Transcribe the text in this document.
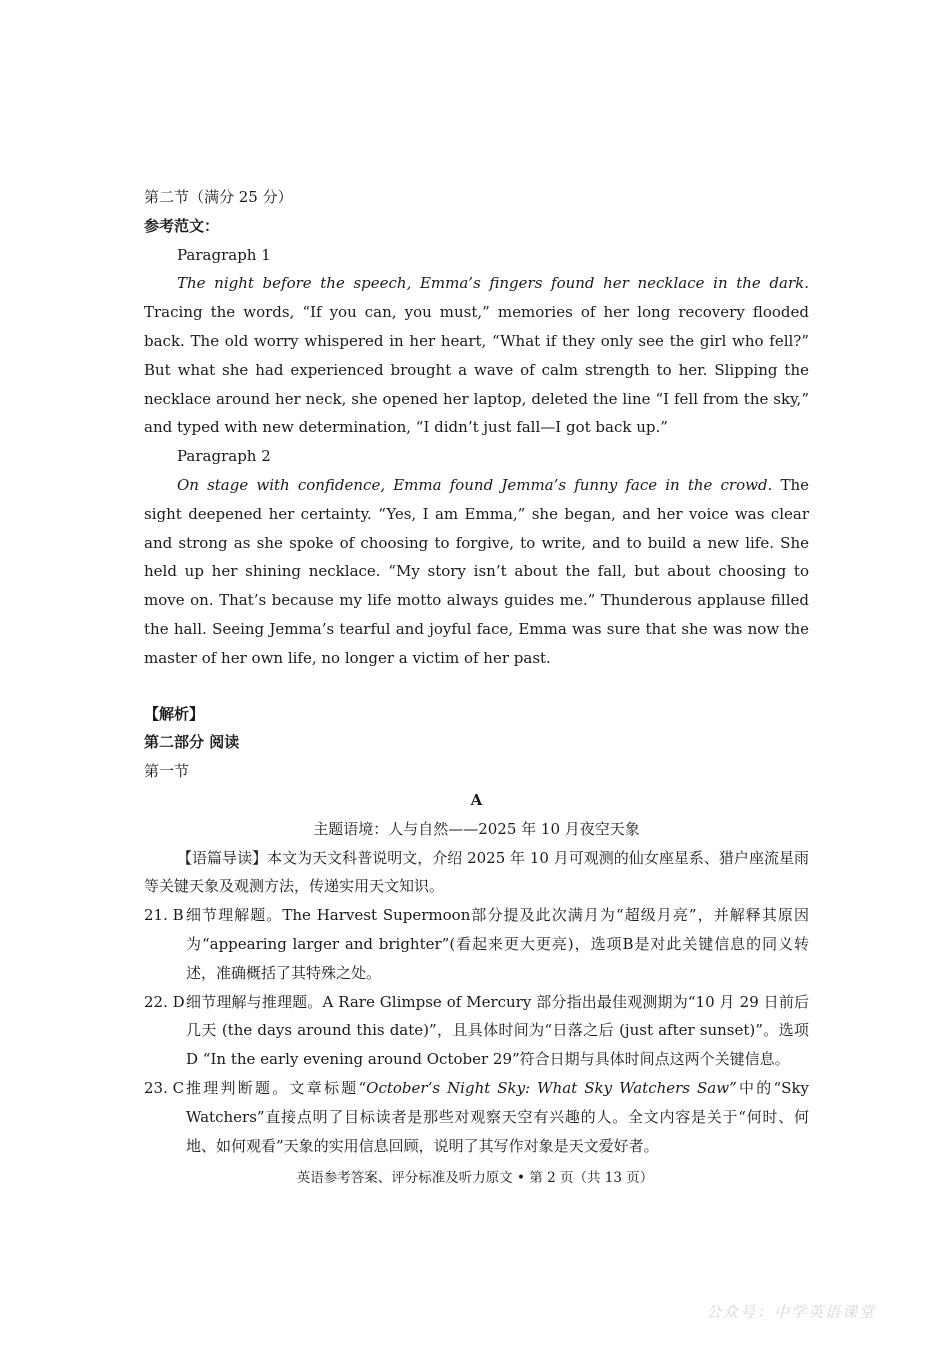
第二节（满分 25 分）
参考范文：
Paragraph 1
The night before the speech, Emma’s fingers found her necklace in the dark. Tracing the words, “If you can, you must,” memories of her long recovery flooded back. The old worry whispered in her heart, “What if they only see the girl who fell?” But what she had experienced brought a wave of calm strength to her. Slipping the necklace around her neck, she opened her laptop, deleted the line “I fell from the sky,” and typed with new determination, “I didn’t just fall—I got back up.”
Paragraph 2
On stage with confidence, Emma found Jemma’s funny face in the crowd. The sight deepened her certainty. “Yes, I am Emma,” she began, and her voice was clear and strong as she spoke of choosing to forgive, to write, and to build a new life. She held up her shining necklace. “My story isn’t about the fall, but about choosing to move on. That’s because my life motto always guides me.” Thunderous applause filled the hall. Seeing Jemma’s tearful and joyful face, Emma was sure that she was now the master of her own life, no longer a victim of her past.
【解析】
第二部分 阅读
第一节
A
主题语境：人与自然——2025 年 10 月夜空天象
【语篇导读】本文为天文科普说明文，介绍 2025 年 10 月可观测的仙女座星系、猎户座流星雨等关键天象及观测方法，传递实用天文知识。
21. B 细节理解题。The Harvest Supermoon部分提及此次满月为“超级月亮”，并解释其原因为“appearing larger and brighter”(看起来更大更亮)，选项B是对此关键信息的同义转述，准确概括了其特殊之处。
22. D 细节理解与推理题。A Rare Glimpse of Mercury 部分指出最佳观测期为“10 月 29 日前后几天 (the days around this date)”，且具体时间为“日落之后 (just after sunset)”。选项 D “In the early evening around October 29”符合日期与具体时间点这两个关键信息。
23. C 推理判断题。文章标题“October’s Night Sky: What Sky Watchers Saw”中的“Sky Watchers”直接点明了目标读者是那些对观察天空有兴趣的人。全文内容是关于“何时、何地、如何观看”天象的实用信息回顾，说明了其写作对象是天文爱好者。
英语参考答案、评分标准及听力原文 • 第 2 页（共 13 页）
公众号：中学英语课堂
